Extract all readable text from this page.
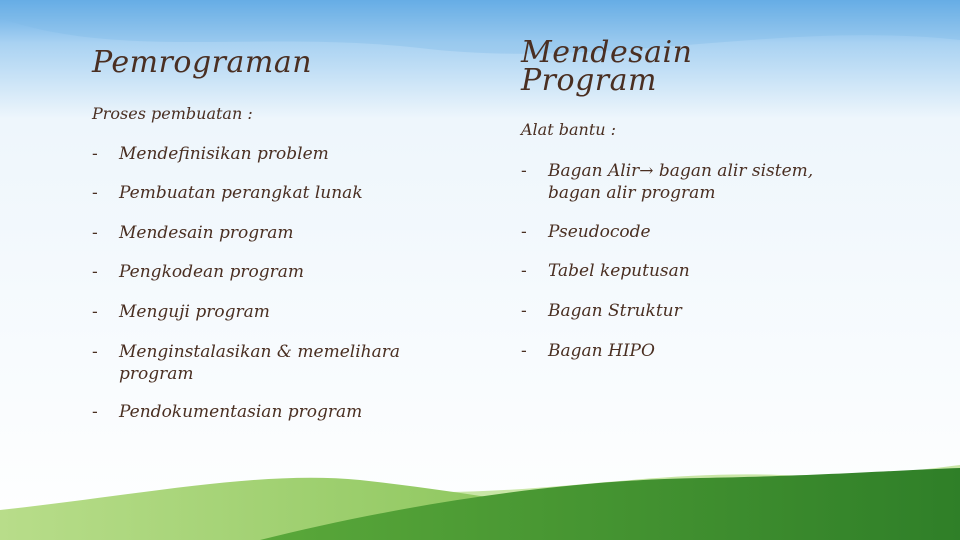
Pemrograman
Proses pembuatan :
-	Mendefinisikan problem
-	Pembuatan perangkat lunak
-	Mendesain program
-	Pengkodean program
-	Menguji program
-	Menginstalasikan & memelihara program
-	Pendokumentasian program
Mendesain
Program
Alat bantu :
-	Bagan Alir→ bagan alir sistem, bagan alir program
-	Pseudocode
-	Tabel keputusan
-	Bagan Struktur
-	Bagan HIPO
